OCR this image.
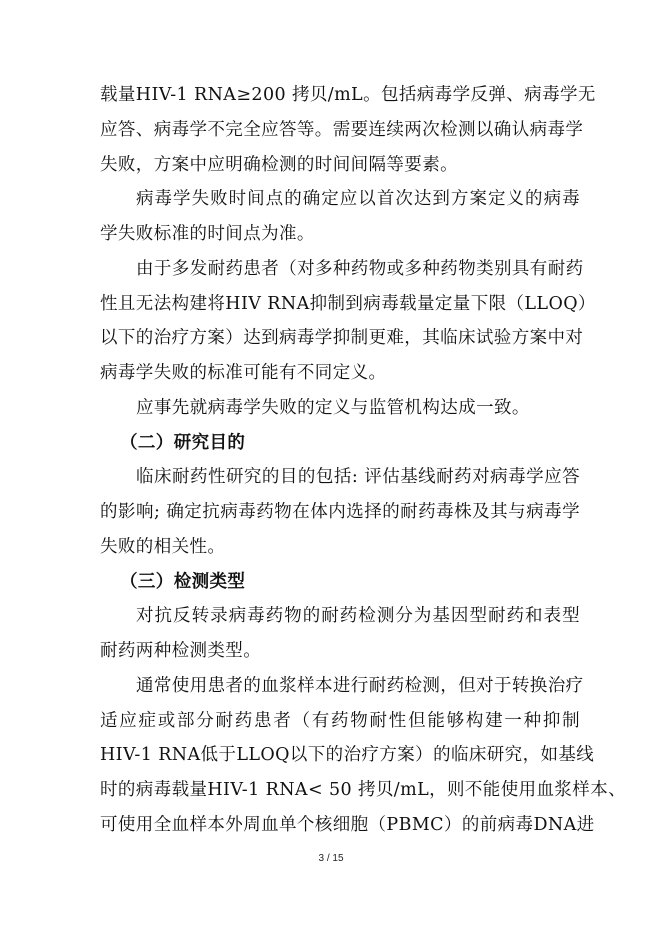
载量HIV-1 RNA≥200 拷贝/mL。包括病毒学反弹、病毒学无
应答、病毒学不完全应答等。需要连续两次检测以确认病毒学
失败，方案中应明确检测的时间间隔等要素。
病毒学失败时间点的确定应以首次达到方案定义的病毒
学失败标准的时间点为准。
由于多发耐药患者（对多种药物或多种药物类别具有耐药
性且无法构建将HIV RNA抑制到病毒载量定量下限（LLOQ）
以下的治疗方案）达到病毒学抑制更难，其临床试验方案中对
病毒学失败的标准可能有不同定义。
应事先就病毒学失败的定义与监管机构达成一致。
（二）研究目的
临床耐药性研究的目的包括: 评估基线耐药对病毒学应答
的影响; 确定抗病毒药物在体内选择的耐药毒株及其与病毒学
失败的相关性。
（三）检测类型
对抗反转录病毒药物的耐药检测分为基因型耐药和表型
耐药两种检测类型。
通常使用患者的血浆样本进行耐药检测，但对于转换治疗
适应症或部分耐药患者（有药物耐性但能够构建一种抑制
HIV-1 RNA低于LLOQ以下的治疗方案）的临床研究，如基线
时的病毒载量HIV-1 RNA< 50 拷贝/mL，则不能使用血浆样本、
可使用全血样本外周血单个核细胞（PBMC）的前病毒DNA进
3 / 15
